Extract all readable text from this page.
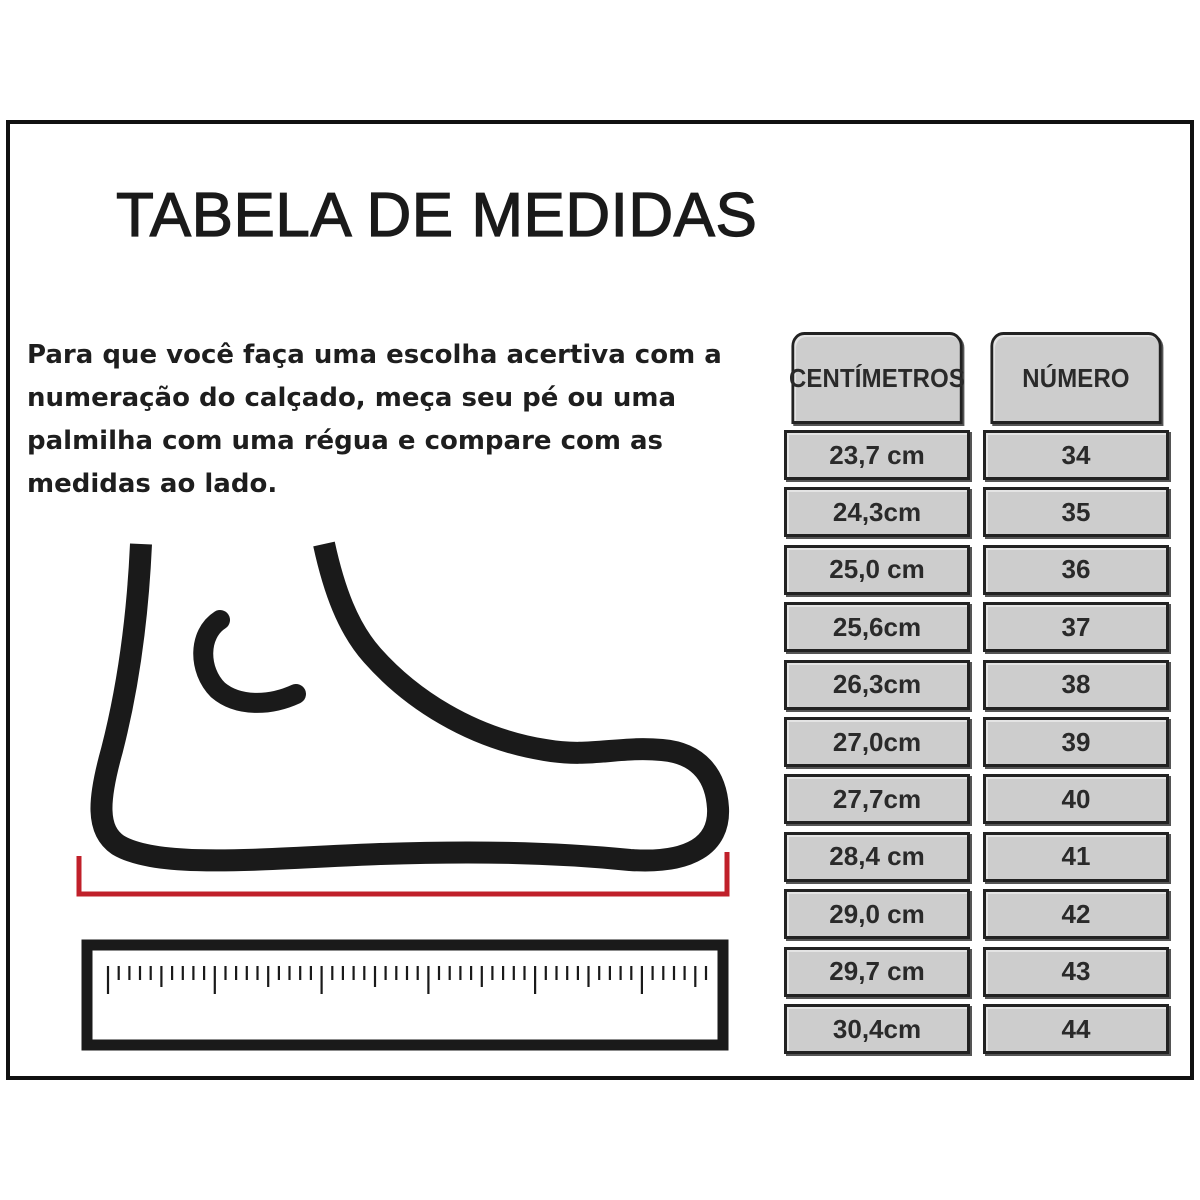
TABELA DE MEDIDAS

Para que você faça uma escolha acertiva com a
numeração do calçado, meça seu pé ou uma
palmilha com uma régua e compare com as
medidas ao lado.

CENTÍMETROS	NÚMERO
23,7 cm	34
24,3cm	35
25,0 cm	36
25,6cm	37
26,3cm	38
27,0cm	39
27,7cm	40
28,4 cm	41
29,0 cm	42
29,7 cm	43
30,4cm	44
